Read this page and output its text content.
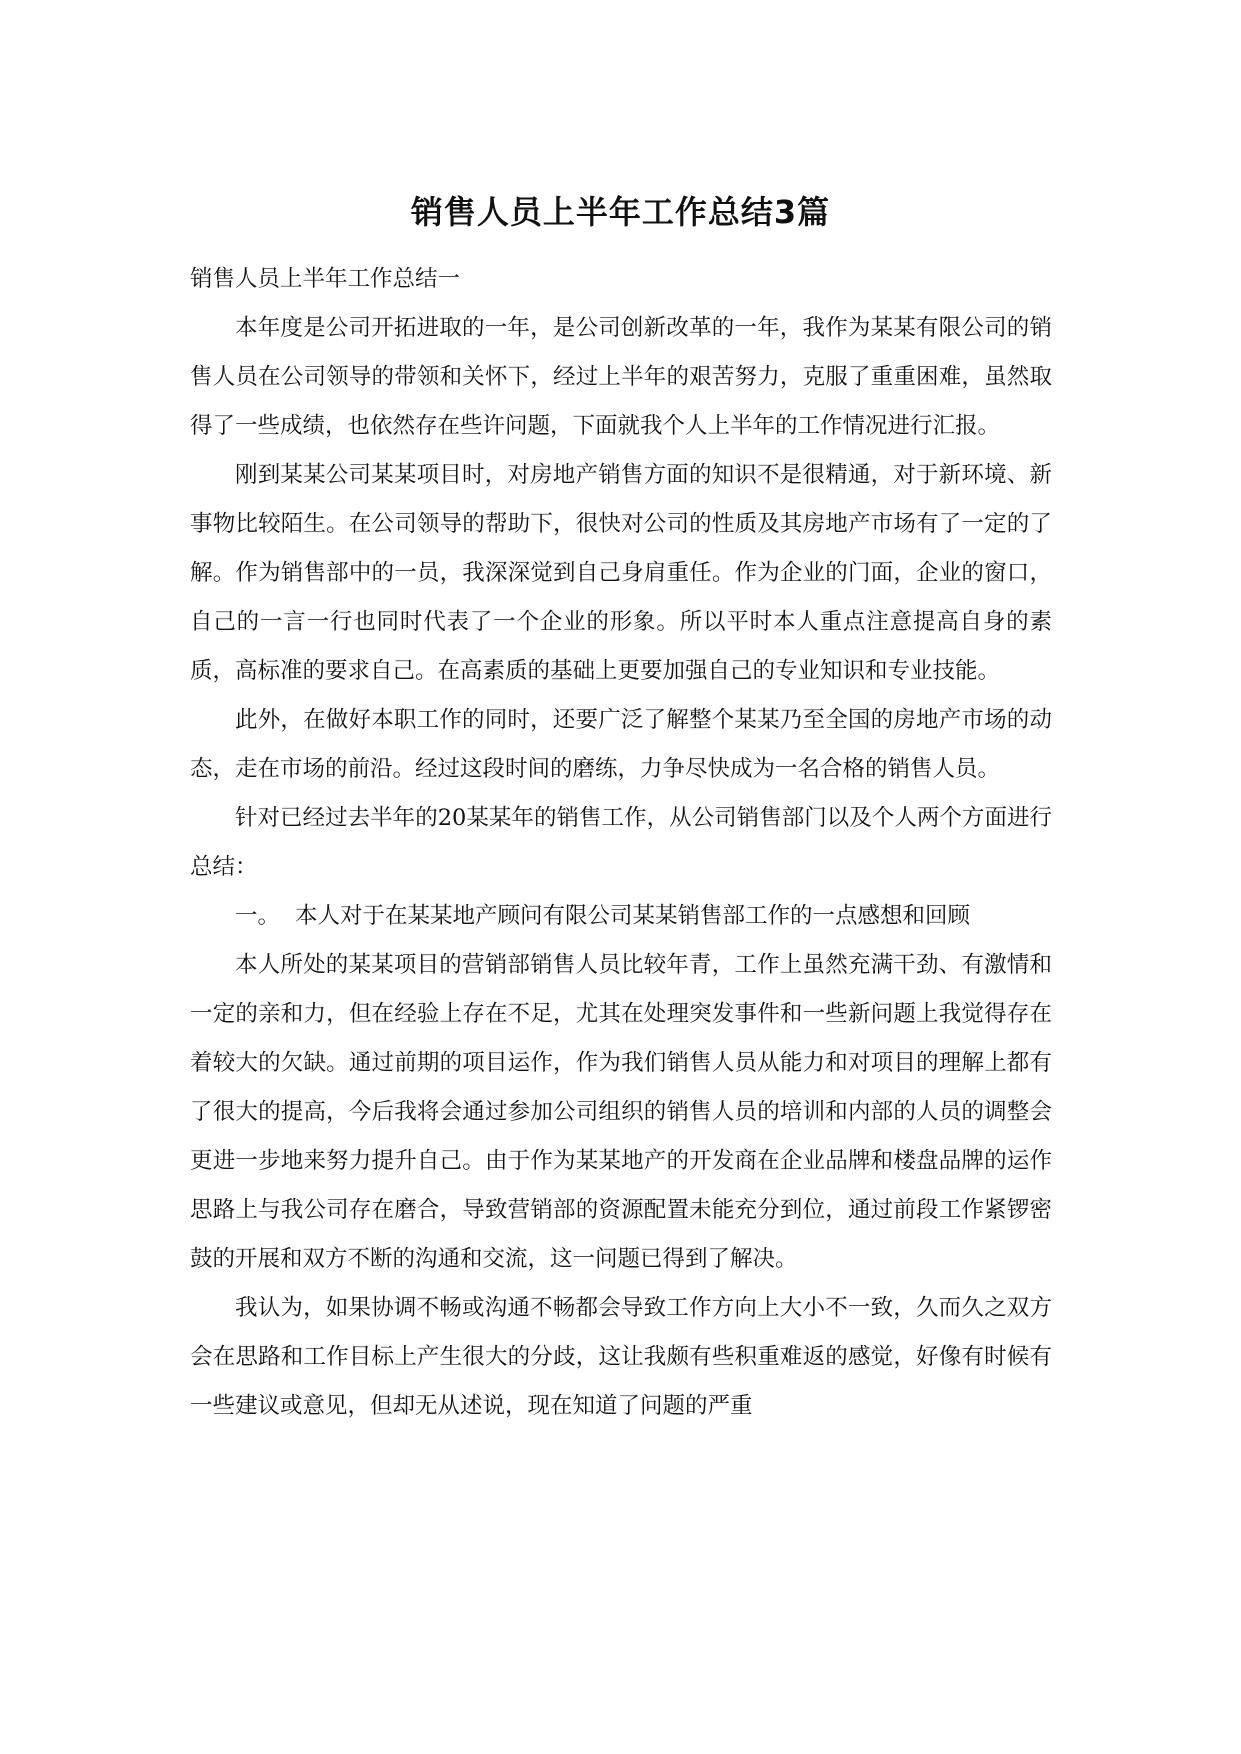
销售人员上半年工作总结3篇

销售人员上半年工作总结一

本年度是公司开拓进取的一年，是公司创新改革的一年，我作为某某有限公司的销售人员在公司领导的带领和关怀下，经过上半年的艰苦努力，克服了重重困难，虽然取得了一些成绩，也依然存在些许问题，下面就我个人上半年的工作情况进行汇报。

刚到某某公司某某项目时，对房地产销售方面的知识不是很精通，对于新环境、新事物比较陌生。在公司领导的帮助下，很快对公司的性质及其房地产市场有了一定的了解。作为销售部中的一员，我深深觉到自己身肩重任。作为企业的门面，企业的窗口，自己的一言一行也同时代表了一个企业的形象。所以平时本人重点注意提高自身的素质，高标准的要求自己。在高素质的基础上更要加强自己的专业知识和专业技能。

此外，在做好本职工作的同时，还要广泛了解整个某某乃至全国的房地产市场的动态，走在市场的前沿。经过这段时间的磨练，力争尽快成为一名合格的销售人员。

针对已经过去半年的20某某年的销售工作，从公司销售部门以及个人两个方面进行总结：

一。 本人对于在某某地产顾问有限公司某某销售部工作的一点感想和回顾

本人所处的某某项目的营销部销售人员比较年青，工作上虽然充满干劲、有激情和一定的亲和力，但在经验上存在不足，尤其在处理突发事件和一些新问题上我觉得存在着较大的欠缺。通过前期的项目运作，作为我们销售人员从能力和对项目的理解上都有了很大的提高，今后我将会通过参加公司组织的销售人员的培训和内部的人员的调整会更进一步地来努力提升自己。由于作为某某地产的开发商在企业品牌和楼盘品牌的运作思路上与我公司存在磨合，导致营销部的资源配置未能充分到位，通过前段工作紧锣密鼓的开展和双方不断的沟通和交流，这一问题已得到了解决。

我认为，如果协调不畅或沟通不畅都会导致工作方向上大小不一致，久而久之双方会在思路和工作目标上产生很大的分歧，这让我颇有些积重难返的感觉，好像有时候有一些建议或意见，但却无从述说，现在知道了问题的严重
